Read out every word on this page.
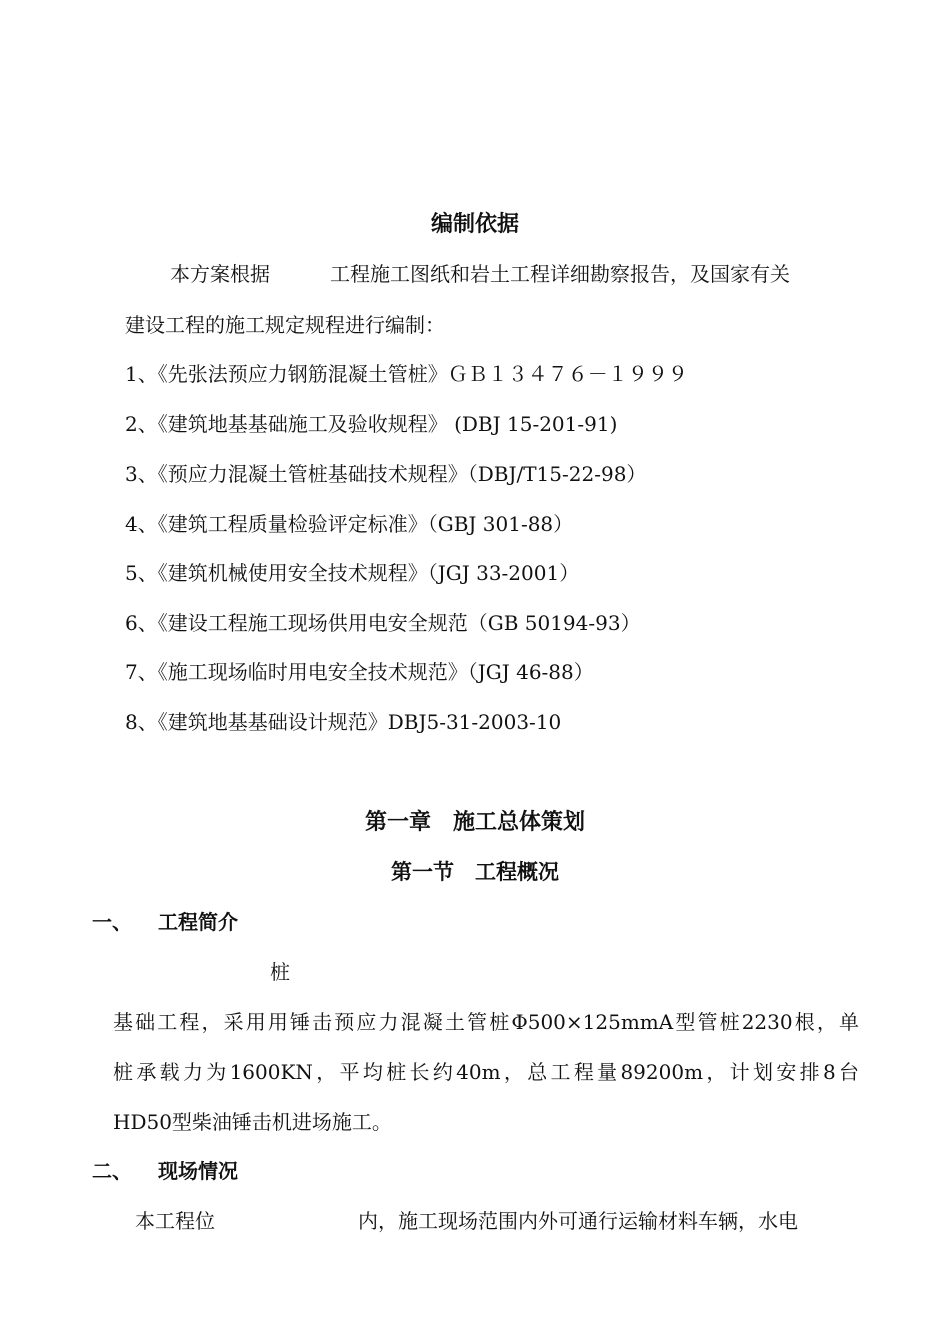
编制依据

本方案根据	工程施工图纸和岩土工程详细勘察报告，及国家有关

建设工程的施工规定规程进行编制：

1、《先张法预应力钢筋混凝土管桩》ＧＢ１３４７６－１９９９

2、《建筑地基基础施工及验收规程》 (DBJ 15-201-91)

3、《预应力混凝土管桩基础技术规程》（DBJ/T15-22-98）

4、《建筑工程质量检验评定标准》（GBJ 301-88）

5、《建筑机械使用安全技术规程》（JGJ 33-2001）

6、《建设工程施工现场供用电安全规范（GB 50194-93）

7、《施工现场临时用电安全技术规范》（JGJ 46-88）

8、《建筑地基基础设计规范》DBJ5-31-2003-10

第一章　施工总体策划
第一节　工程概况
一、 工程简介

桩

基础工程，采用用锤击预应力混凝土管桩Φ500×125mmA型管桩2230根，单

桩承载力为1600KN，平均桩长约40m，总工程量89200m，计划安排8台

HD50型柴油锤击机进场施工。

二、 现场情况

本工程位	内，施工现场范围内外可通行运输材料车辆，水电
